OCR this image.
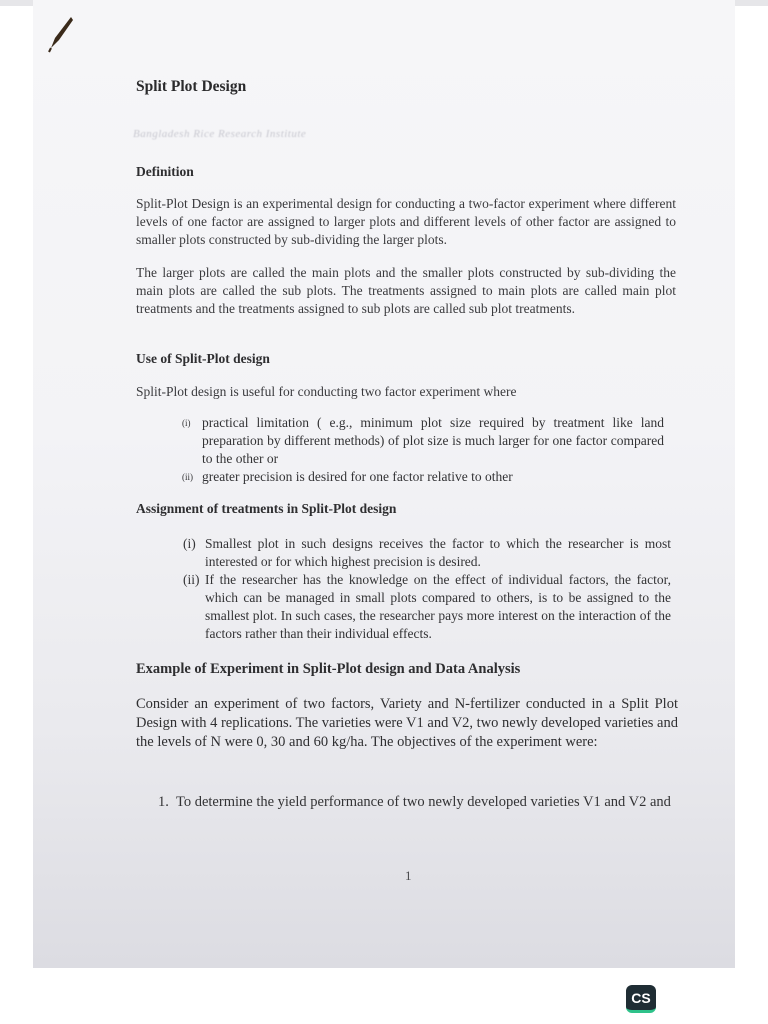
Split Plot Design
Bangladesh Rice Research Institute
Definition
Split-Plot Design is an experimental design for conducting a two-factor experiment where different levels of one factor are assigned to larger plots and different levels of other factor are assigned to smaller plots constructed by sub-dividing the larger plots.
The larger plots are called the main plots and the smaller plots constructed by sub-dividing the main plots are called the sub plots. The treatments assigned to main plots are called main plot treatments and the treatments assigned to sub plots are called sub plot treatments.
Use of Split-Plot design
Split-Plot design is useful for conducting two factor experiment where
(i) practical limitation ( e.g., minimum plot size required by treatment like land preparation by different methods) of plot size is much larger for one factor compared to the other or
(ii) greater precision is desired for one factor relative to other
Assignment of treatments in Split-Plot design
(i) Smallest plot in such designs receives the factor to which the researcher is most interested or for which highest precision is desired.
(ii) If the researcher has the knowledge on the effect of individual factors, the factor, which can be managed in small plots compared to others, is to be assigned to the smallest plot. In such cases, the researcher pays more interest on the interaction of the factors rather than their individual effects.
Example of Experiment in Split-Plot design and Data Analysis
Consider an experiment of two factors, Variety and N-fertilizer conducted in a Split Plot Design with 4 replications. The varieties were V1 and V2, two newly developed varieties and the levels of N were 0, 30 and 60 kg/ha. The objectives of the experiment were:
1. To determine the yield performance of two newly developed varieties V1 and V2 and
1
CS
